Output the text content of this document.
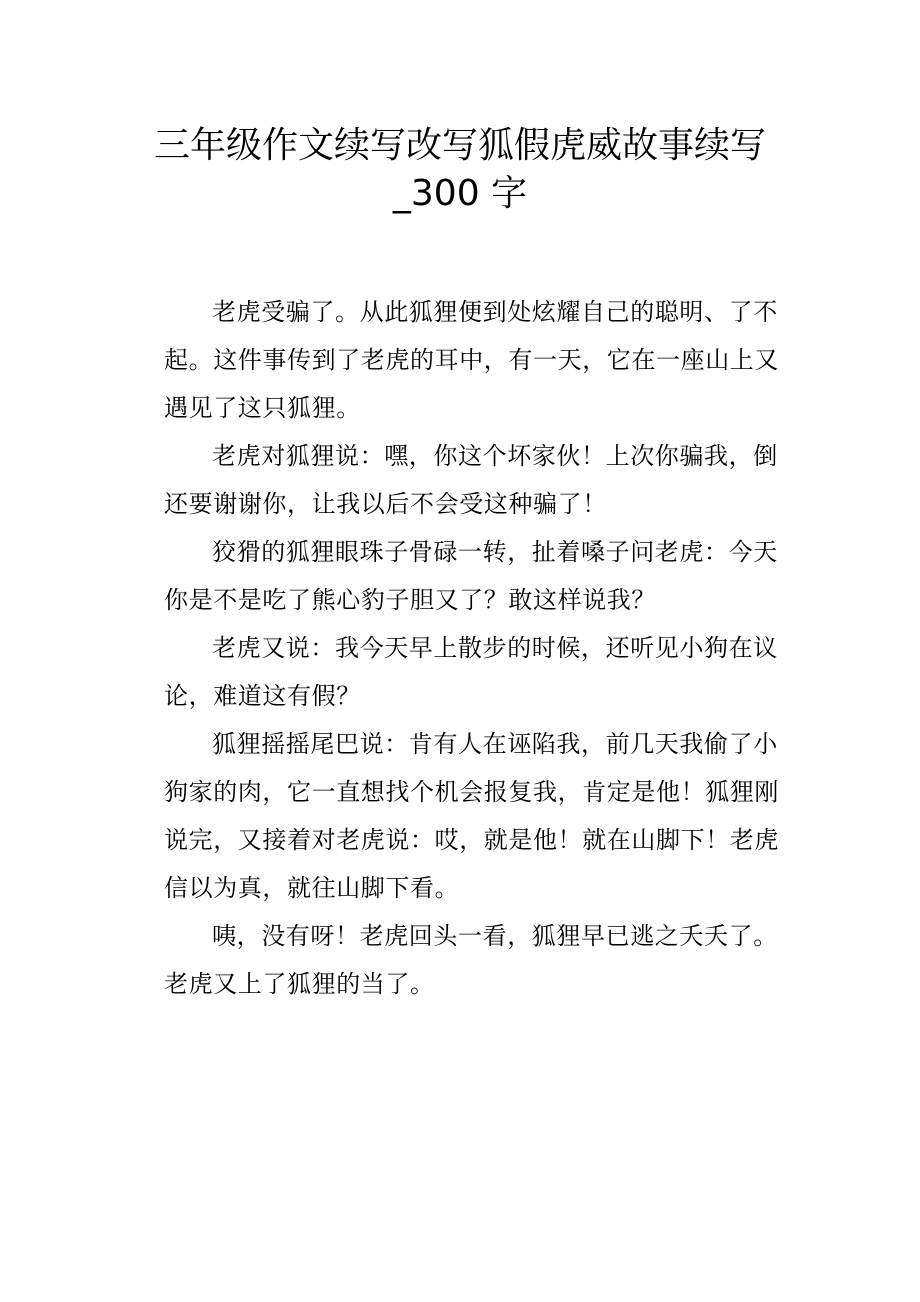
三年级作文续写改写狐假虎威故事续写
_300 字

老虎受骗了。从此狐狸便到处炫耀自己的聪明、了不起。这件事传到了老虎的耳中，有一天，它在一座山上又遇见了这只狐狸。

老虎对狐狸说：嘿，你这个坏家伙！上次你骗我，倒还要谢谢你，让我以后不会受这种骗了！

狡猾的狐狸眼珠子骨碌一转，扯着嗓子问老虎：今天你是不是吃了熊心豹子胆又了？敢这样说我？

老虎又说：我今天早上散步的时候，还听见小狗在议论，难道这有假？

狐狸摇摇尾巴说：肯有人在诬陷我，前几天我偷了小狗家的肉，它一直想找个机会报复我，肯定是他！狐狸刚说完，又接着对老虎说：哎，就是他！就在山脚下！老虎信以为真，就往山脚下看。

咦，没有呀！老虎回头一看，狐狸早已逃之夭夭了。老虎又上了狐狸的当了。
